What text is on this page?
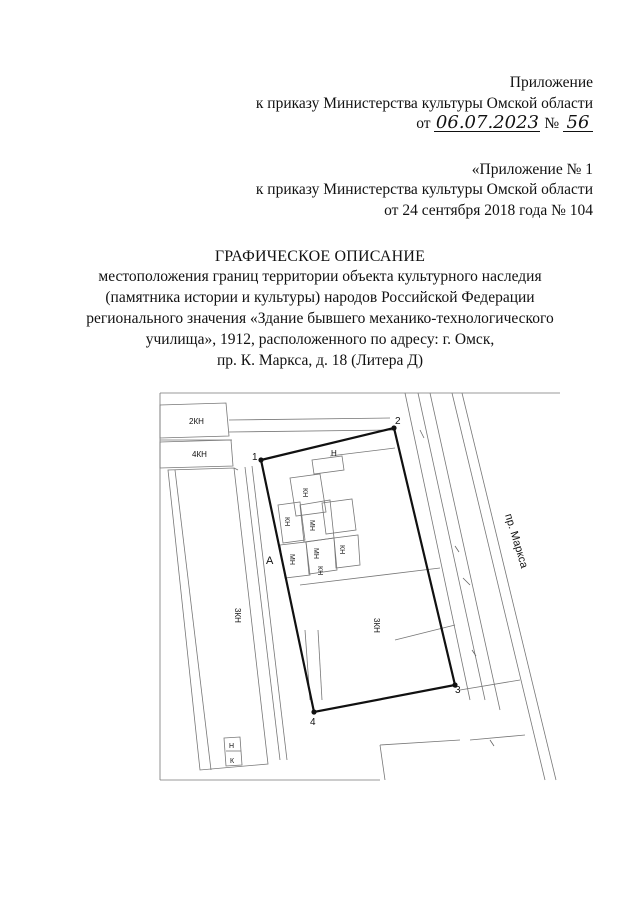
Приложение
к приказу Министерства культуры Омской области
от 06.07.2023 № 56
«Приложение № 1
к приказу Министерства культуры Омской области
от 24 сентября 2018 года № 104
ГРАФИЧЕСКОЕ ОПИСАНИЕ
местоположения границ территории объекта культурного наследия
(памятника истории и культуры) народов Российской Федерации
регионального значения «Здание бывшего механико-технологического
училища», 1912, расположенного по адресу: г. Омск,
пр. К. Маркса, д. 18 (Литера Д)
1
2
3
4
A
2КН
4КН
3КН
3КН
Н
КН
КН	МН
МН
МН	КН
КН
Н
К
пр. Маркса
